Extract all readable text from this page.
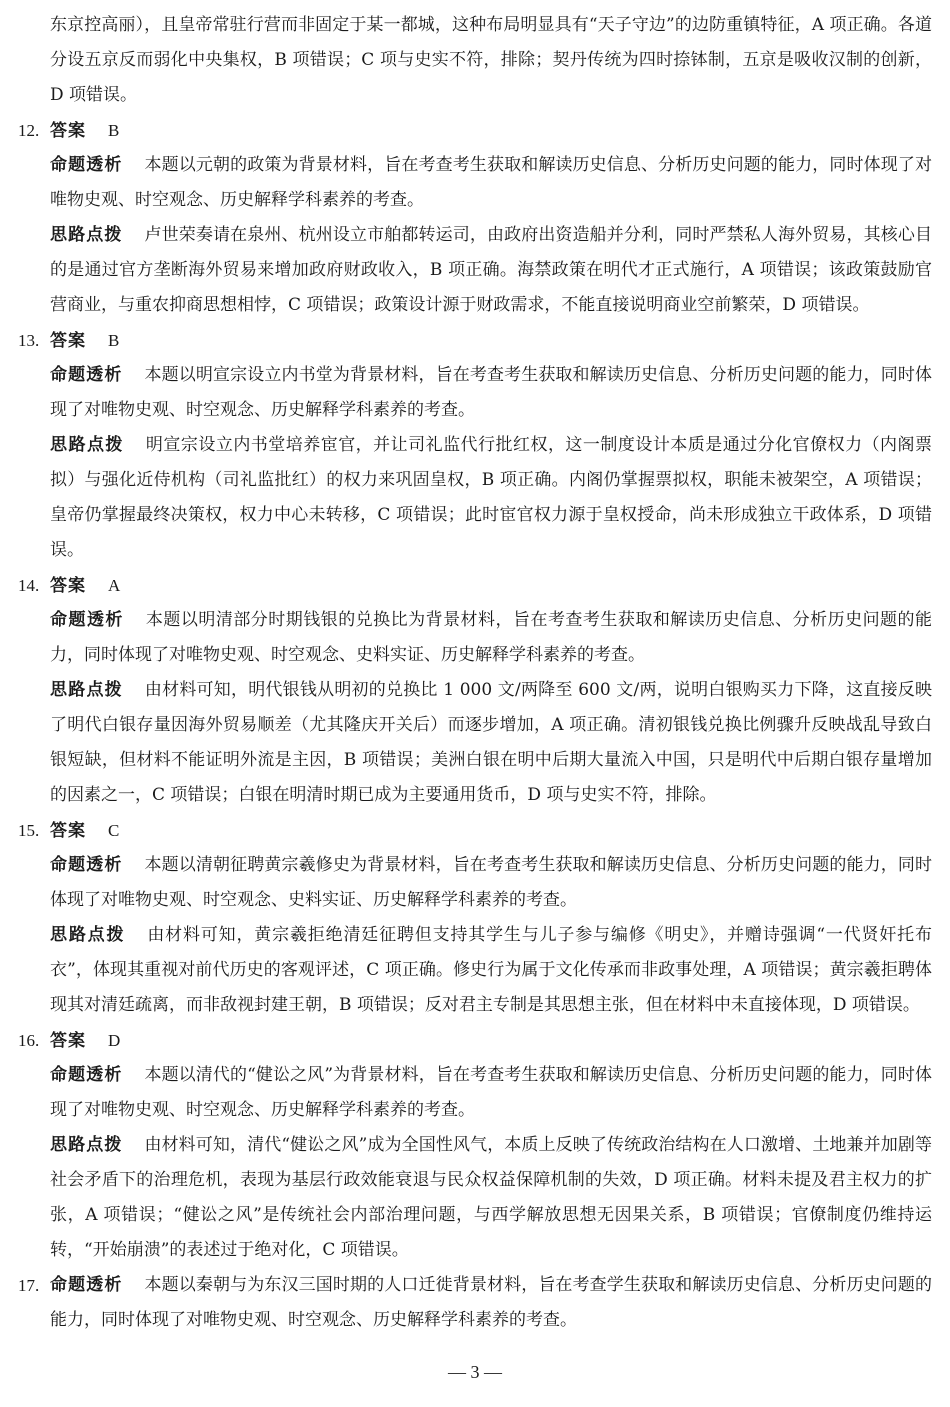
东京控高丽），且皇帝常驻行营而非固定于某一都城，这种布局明显具有“天子守边”的边防重镇特征，A 项正确。各道分设五京反而弱化中央集权，B 项错误；C 项与史实不符，排除；契丹传统为四时捺钵制，五京是吸收汉制的创新，D 项错误。
12. 答案 B
命题透析 本题以元朝的政策为背景材料，旨在考查考生获取和解读历史信息、分析历史问题的能力，同时体现了对唯物史观、时空观念、历史解释学科素养的考查。
思路点拨 卢世荣奏请在泉州、杭州设立市舶都转运司，由政府出资造船并分利，同时严禁私人海外贸易，其核心目的是通过官方垄断海外贸易来增加政府财政收入，B 项正确。海禁政策在明代才正式施行，A 项错误；该政策鼓励官营商业，与重农抑商思想相悖，C 项错误；政策设计源于财政需求，不能直接说明商业空前繁荣，D 项错误。
13. 答案 B
命题透析 本题以明宣宗设立内书堂为背景材料，旨在考查考生获取和解读历史信息、分析历史问题的能力，同时体现了对唯物史观、时空观念、历史解释学科素养的考查。
思路点拨 明宣宗设立内书堂培养宦官，并让司礼监代行批红权，这一制度设计本质是通过分化官僚权力（内阁票拟）与强化近侍机构（司礼监批红）的权力来巩固皇权，B 项正确。内阁仍掌握票拟权，职能未被架空，A 项错误；皇帝仍掌握最终决策权，权力中心未转移，C 项错误；此时宦官权力源于皇权授命，尚未形成独立干政体系，D 项错误。
14. 答案 A
命题透析 本题以明清部分时期钱银的兑换比为背景材料，旨在考查考生获取和解读历史信息、分析历史问题的能力，同时体现了对唯物史观、时空观念、史料实证、历史解释学科素养的考查。
思路点拨 由材料可知，明代银钱从明初的兑换比 1 000 文/两降至 600 文/两，说明白银购买力下降，这直接反映了明代白银存量因海外贸易顺差（尤其隆庆开关后）而逐步增加，A 项正确。清初银钱兑换比例骤升反映战乱导致白银短缺，但材料不能证明外流是主因，B 项错误；美洲白银在明中后期大量流入中国，只是明代中后期白银存量增加的因素之一，C 项错误；白银在明清时期已成为主要通用货币，D 项与史实不符，排除。
15. 答案 C
命题透析 本题以清朝征聘黄宗羲修史为背景材料，旨在考查考生获取和解读历史信息、分析历史问题的能力，同时体现了对唯物史观、时空观念、史料实证、历史解释学科素养的考查。
思路点拨 由材料可知，黄宗羲拒绝清廷征聘但支持其学生与儿子参与编修《明史》，并赠诗强调“一代贤奸托布衣”，体现其重视对前代历史的客观评述，C 项正确。修史行为属于文化传承而非政事处理，A 项错误；黄宗羲拒聘体现其对清廷疏离，而非敌视封建王朝，B 项错误；反对君主专制是其思想主张，但在材料中未直接体现，D 项错误。
16. 答案 D
命题透析 本题以清代的“健讼之风”为背景材料，旨在考查考生获取和解读历史信息、分析历史问题的能力，同时体现了对唯物史观、时空观念、历史解释学科素养的考查。
思路点拨 由材料可知，清代“健讼之风”成为全国性风气，本质上反映了传统政治结构在人口激增、土地兼并加剧等社会矛盾下的治理危机，表现为基层行政效能衰退与民众权益保障机制的失效，D 项正确。材料未提及君主权力的扩张，A 项错误；“健讼之风”是传统社会内部治理问题，与西学解放思想无因果关系，B 项错误；官僚制度仍维持运转，“开始崩溃”的表述过于绝对化，C 项错误。
17. 命题透析 本题以秦朝与为东汉三国时期的人口迁徙背景材料，旨在考查学生获取和解读历史信息、分析历史问题的能力，同时体现了对唯物史观、时空观念、历史解释学科素养的考查。
— 3 —
